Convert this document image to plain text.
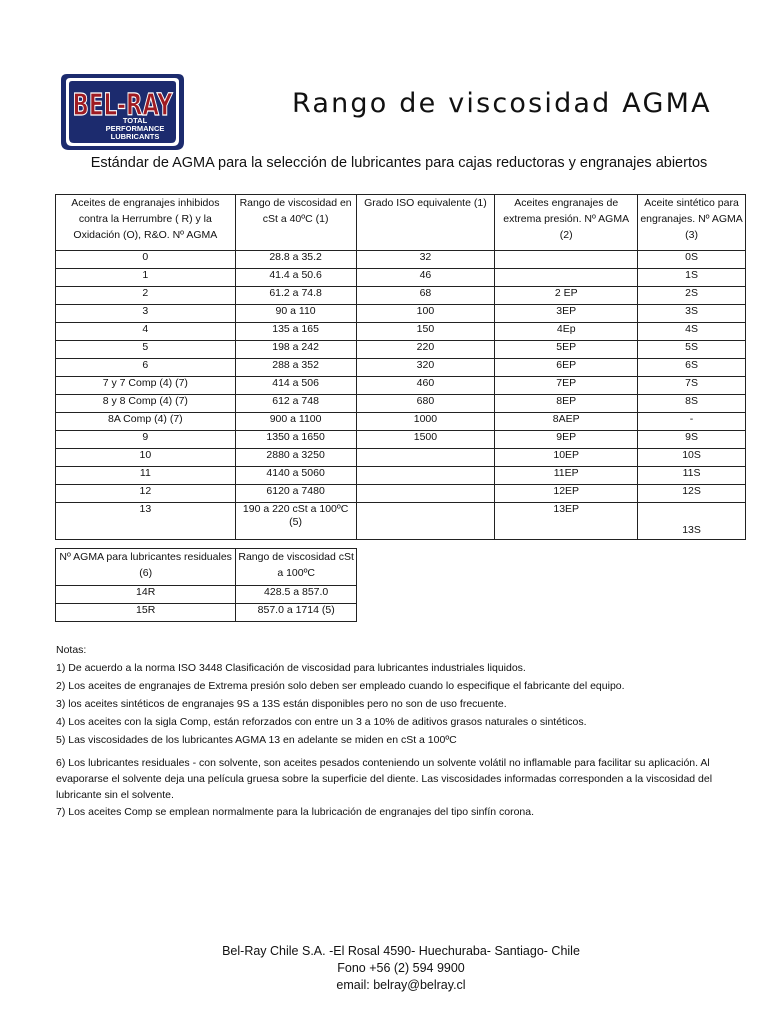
BEL-RAY
TOTAL
PERFORMANCE
LUBRICANTS
Rango de viscosidad AGMA

Estándar de AGMA para la selección de lubricantes para cajas reductoras y engranajes abiertos

Aceites de engranajes inhibidos contra la Herrumbre ( R) y la Oxidación (O), R&O. Nº AGMA	Rango de viscosidad en cSt a 40ºC (1)	Grado ISO equivalente (1)	Aceites engranajes de extrema presión. Nº AGMA (2)	Aceite sintético para engranajes. Nº AGMA (3)
0	28.8 a 35.2	32		0S
1	41.4 a 50.6	46		1S
2	61.2 a 74.8	68	2 EP	2S
3	90 a 110	100	3EP	3S
4	135 a 165	150	4Ep	4S
5	198 a 242	220	5EP	5S
6	288 a 352	320	6EP	6S
7 y 7 Comp (4) (7)	414 a 506	460	7EP	7S
8 y 8 Comp (4) (7)	612 a 748	680	8EP	8S
8A Comp (4) (7)	900 a 1100	1000	8AEP	-
9	1350 a 1650	1500	9EP	9S
10	2880 a 3250		10EP	10S
11	4140 a 5060		11EP	11S
12	6120 a 7480		12EP	12S
13	190 a 220 cSt a 100ºC (5)		13EP	13S
Nº AGMA para lubricantes residuales (6)	Rango de viscosidad cSt a 100ºC
14R	428.5 a 857.0
15R	857.0 a 1714 (5)

Notas:

1) De acuerdo a la norma ISO 3448 Clasificación de viscosidad para lubricantes industriales liquidos.

2) Los aceites de engranajes de Extrema presión solo deben ser empleado cuando lo especifique el fabricante del equipo.

3) los aceites sintéticos de engranajes 9S a 13S están disponibles pero no son de uso frecuente.

4) Los aceites con la sigla Comp, están reforzados con entre un 3 a 10% de aditivos grasos naturales o sintéticos.

5) Las viscosidades de los lubricantes AGMA 13 en adelante se miden en cSt a 100ºC

6) Los lubricantes residuales - con solvente, son aceites pesados conteniendo un solvente volátil no inflamable para facilitar su aplicación. Al evaporarse el solvente deja una película gruesa sobre la superficie del diente. Las viscosidades informadas corresponden a la viscosidad del lubricante sin el solvente.

7) Los aceites Comp se emplean normalmente para la lubricación de engranajes del tipo sinfín corona.

Bel-Ray Chile S.A. -El Rosal 4590- Huechuraba- Santiago- Chile
Fono +56 (2) 594 9900
email: belray@belray.cl
